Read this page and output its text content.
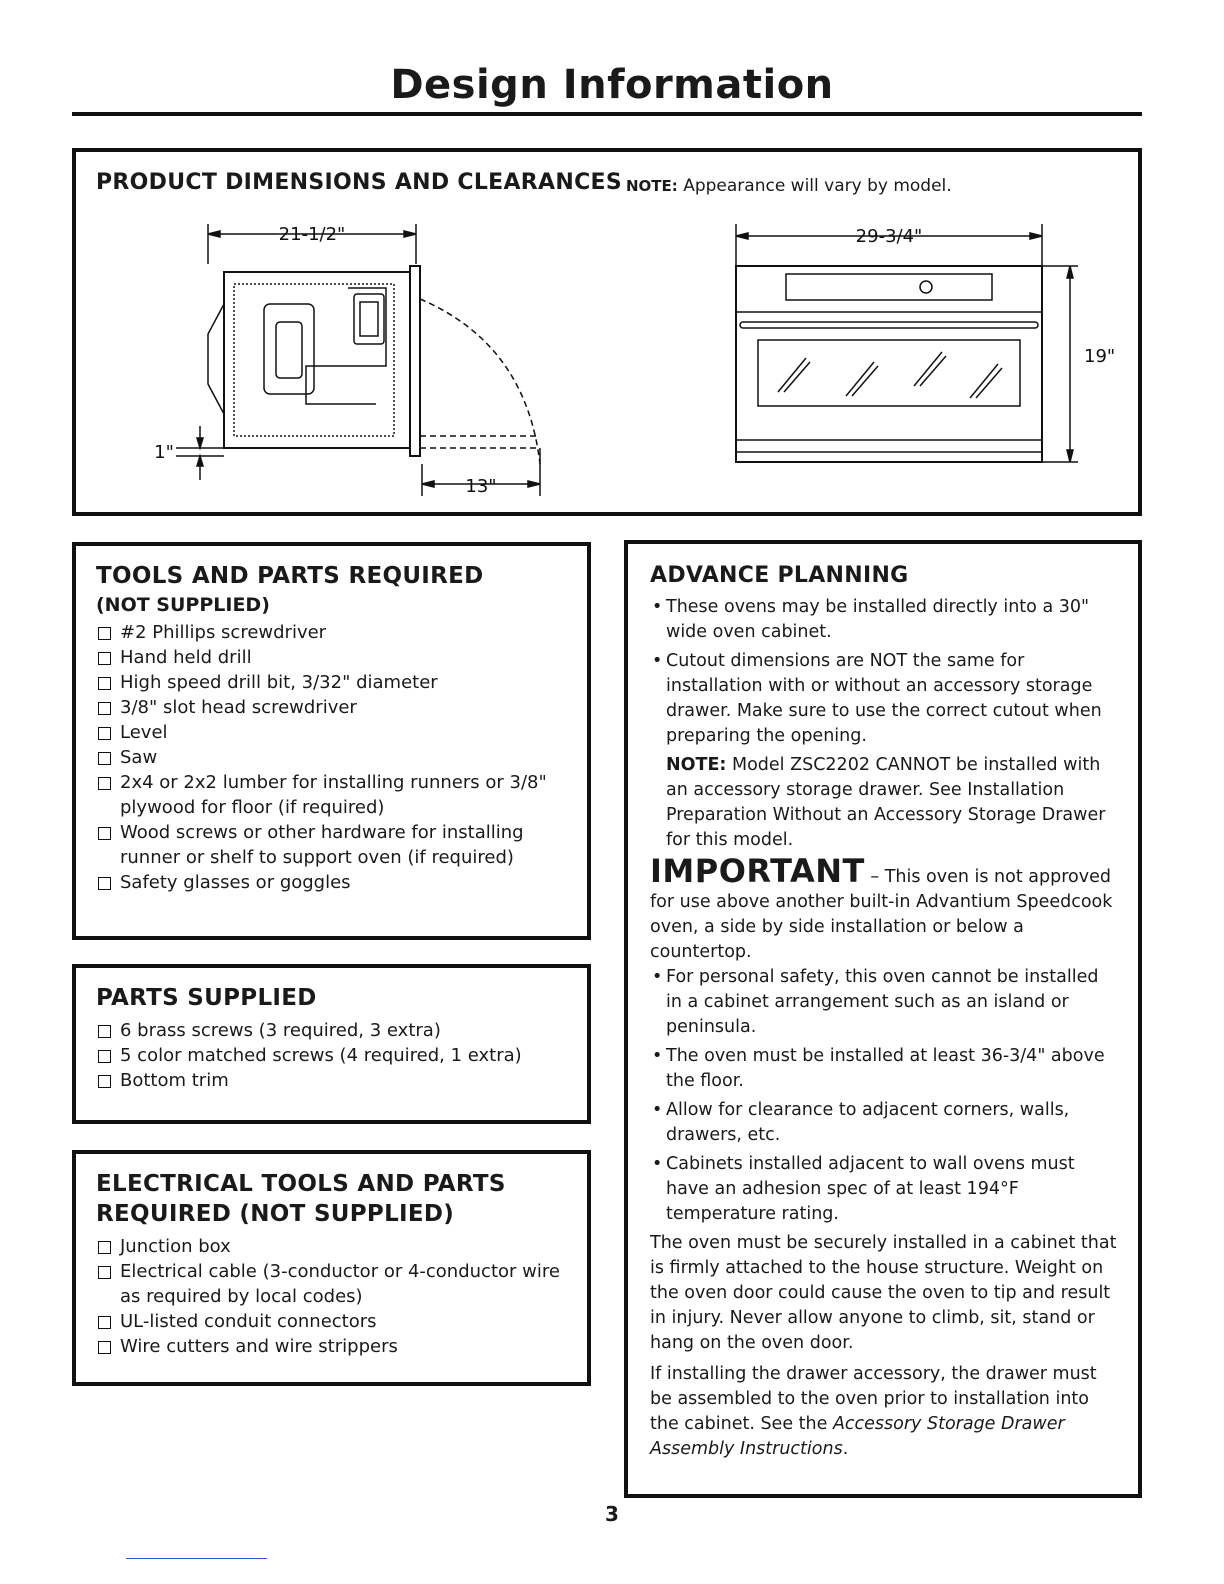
Design Information
PRODUCT DIMENSIONS AND CLEARANCES NOTE: Appearance will vary by model.
21-1/2"
13"
1"
29-3/4"
19"
TOOLS AND PARTS REQUIRED
(NOT SUPPLIED)
#2 Phillips screwdriver
Hand held drill
High speed drill bit, 3/32" diameter
3/8" slot head screwdriver
Level
Saw
2x4 or 2x2 lumber for installing runners or 3/8" plywood for floor (if required)
Wood screws or other hardware for installing runner or shelf to support oven (if required)
Safety glasses or goggles
PARTS SUPPLIED
6 brass screws (3 required, 3 extra)
5 color matched screws (4 required, 1 extra)
Bottom trim
ELECTRICAL TOOLS AND PARTS REQUIRED (NOT SUPPLIED)
Junction box
Electrical cable (3-conductor or 4-conductor wire as required by local codes)
UL-listed conduit connectors
Wire cutters and wire strippers
ADVANCE PLANNING
• These ovens may be installed directly into a 30" wide oven cabinet.
• Cutout dimensions are NOT the same for installation with or without an accessory storage drawer. Make sure to use the correct cutout when preparing the opening.

NOTE: Model ZSC2202 CANNOT be installed with an accessory storage drawer. See Installation Preparation Without an Accessory Storage Drawer for this model.

IMPORTANT – This oven is not approved for use above another built-in Advantium Speedcook oven, a side by side installation or below a countertop.
• For personal safety, this oven cannot be installed in a cabinet arrangement such as an island or peninsula.
• The oven must be installed at least 36-3/4" above the floor.
• Allow for clearance to adjacent corners, walls, drawers, etc.
• Cabinets installed adjacent to wall ovens must have an adhesion spec of at least 194°F temperature rating.

The oven must be securely installed in a cabinet that is firmly attached to the house structure. Weight on the oven door could cause the oven to tip and result in injury. Never allow anyone to climb, sit, stand or hang on the oven door.

If installing the drawer accessory, the drawer must be assembled to the oven prior to installation into the cabinet. See the Accessory Storage Drawer Assembly Instructions.

3
